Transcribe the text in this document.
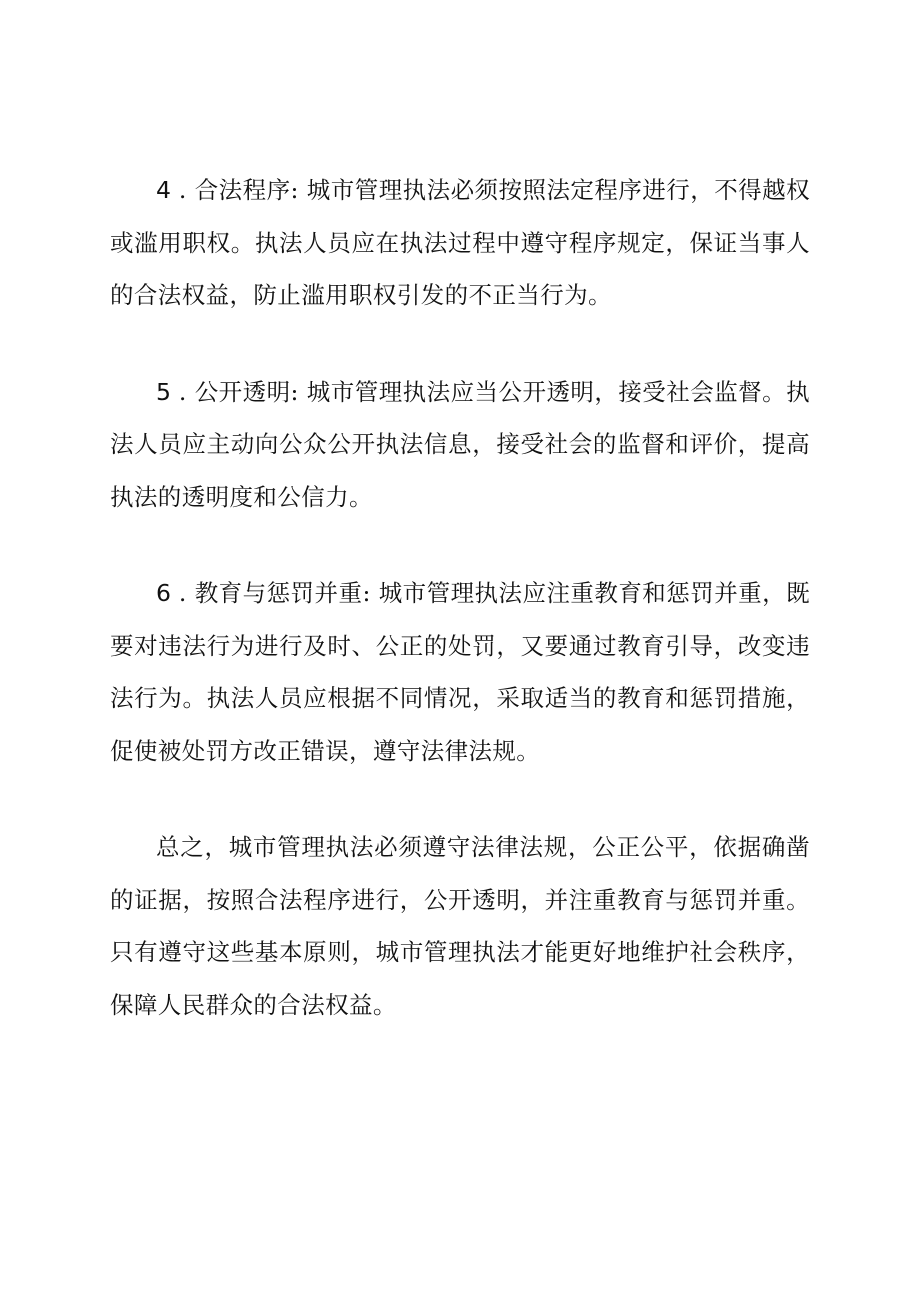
4 . 合法程序: 城市管理执法必须按照法定程序进行，不得越权或滥用职权。执法人员应在执法过程中遵守程序规定，保证当事人的合法权益，防止滥用职权引发的不正当行为。

5 . 公开透明: 城市管理执法应当公开透明，接受社会监督。执法人员应主动向公众公开执法信息，接受社会的监督和评价，提高执法的透明度和公信力。

6 . 教育与惩罚并重: 城市管理执法应注重教育和惩罚并重，既要对违法行为进行及时、公正的处罚，又要通过教育引导，改变违法行为。执法人员应根据不同情况，采取适当的教育和惩罚措施，促使被处罚方改正错误，遵守法律法规。

总之，城市管理执法必须遵守法律法规，公正公平，依据确凿的证据，按照合法程序进行，公开透明，并注重教育与惩罚并重。只有遵守这些基本原则，城市管理执法才能更好地维护社会秩序，保障人民群众的合法权益。
